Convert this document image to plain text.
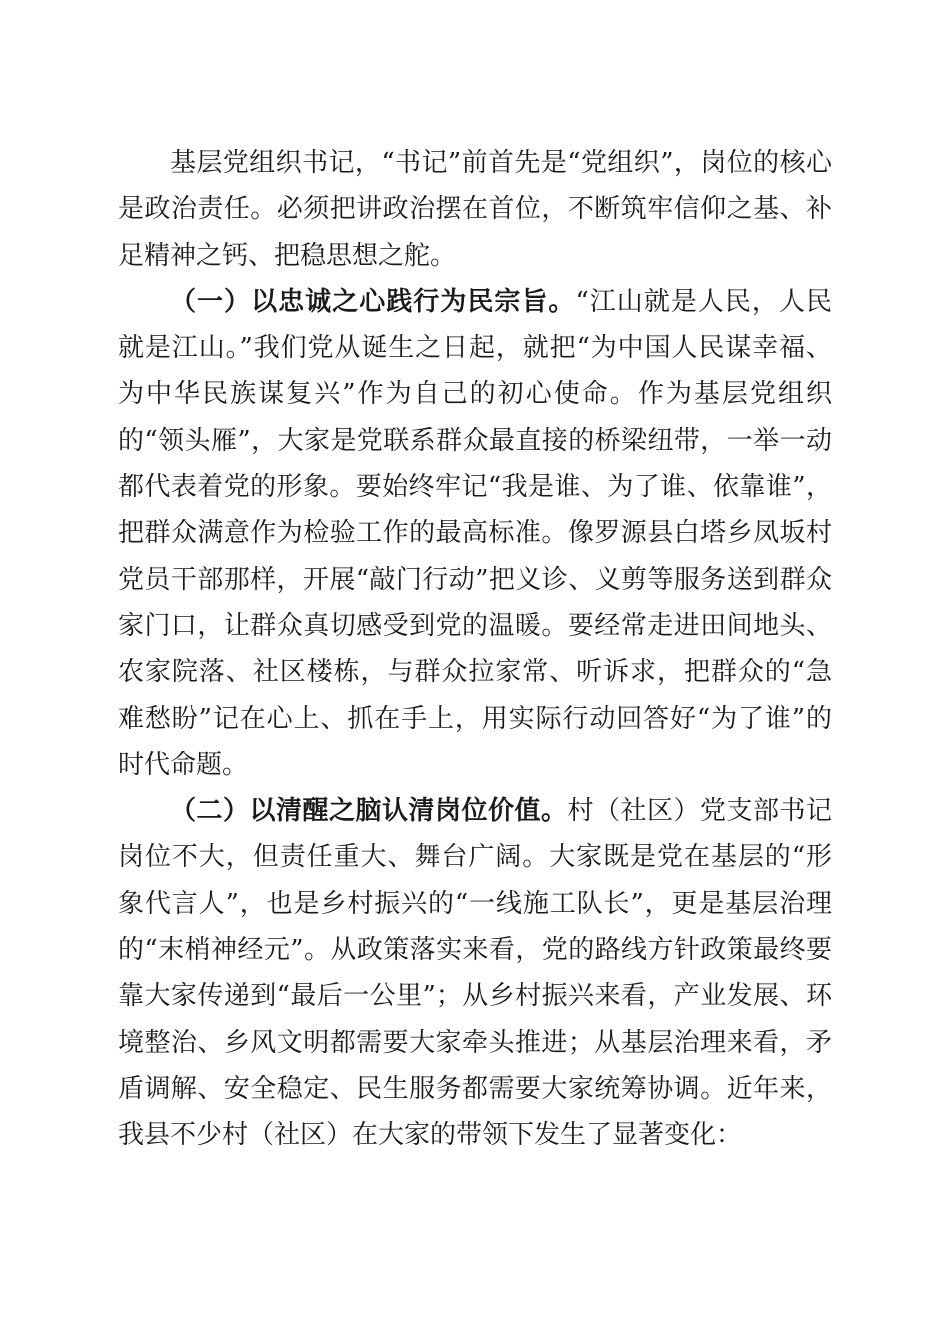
基层党组织书记，“书记”前首先是“党组织”，岗位的核心是政治责任。必须把讲政治摆在首位，不断筑牢信仰之基、补足精神之钙、把稳思想之舵。

（一）以忠诚之心践行为民宗旨。“江山就是人民，人民就是江山。”我们党从诞生之日起，就把“为中国人民谋幸福、为中华民族谋复兴”作为自己的初心使命。作为基层党组织的“领头雁”，大家是党联系群众最直接的桥梁纽带，一举一动都代表着党的形象。要始终牢记“我是谁、为了谁、依靠谁”，把群众满意作为检验工作的最高标准。像罗源县白塔乡凤坂村党员干部那样，开展“敲门行动”把义诊、义剪等服务送到群众家门口，让群众真切感受到党的温暖。要经常走进田间地头、农家院落、社区楼栋，与群众拉家常、听诉求，把群众的“急难愁盼”记在心上、抓在手上，用实际行动回答好“为了谁”的时代命题。

（二）以清醒之脑认清岗位价值。村（社区）党支部书记岗位不大，但责任重大、舞台广阔。大家既是党在基层的“形象代言人”，也是乡村振兴的“一线施工队长”，更是基层治理的“末梢神经元”。从政策落实来看，党的路线方针政策最终要靠大家传递到“最后一公里”；从乡村振兴来看，产业发展、环境整治、乡风文明都需要大家牵头推进；从基层治理来看，矛盾调解、安全稳定、民生服务都需要大家统筹协调。近年来，我县不少村（社区）在大家的带领下发生了显著变化：
